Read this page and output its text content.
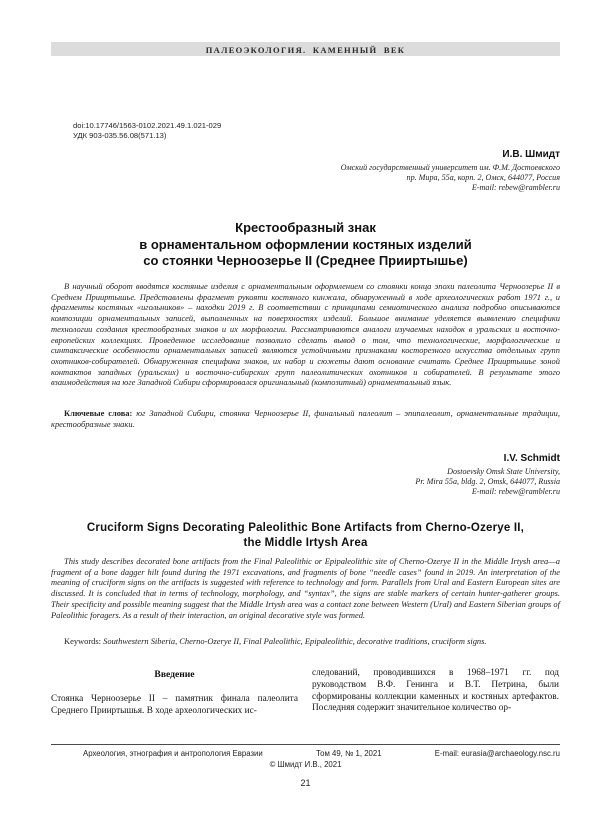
ПАЛЕОЭКОЛОГИЯ. КАМЕННЫЙ ВЕК
doi:10.17746/1563-0102.2021.49.1.021-029
УДК 903-035.56.08(571.13)
И.В. Шмидт
Омский государственный университет им. Ф.М. Достоевского
пр. Мира, 55а, корп. 2, Омск, 644077, Россия
E-mail: rebew@rambler.ru
Крестообразный знак
в орнаментальном оформлении костяных изделий
со стоянки Черноозерье II (Среднее Прииртышье)

В научный оборот вводятся костяные изделия с орнаментальным оформлением со стоянки конца эпохи палеолита Черноозерье II в Среднем Прииртышье. Представлены фрагмент рукояти костяного кинжала, обнаруженный в ходе археологических работ 1971 г., и фрагменты костяных «игольников» – находки 2019 г. В соответствии с принципами семиотического анализа подробно описываются композиции орнаментальных записей, выполненных на поверхностях изделий. Большое внимание уделяется выявлению специфики технологии создания крестообразных знаков и их морфологии. Рассматриваются аналоги изучаемых находок в уральских и восточно-европейских коллекциях. Проведенное исследование позволило сделать вывод о том, что технологические, морфологические и синтаксические особенности орнаментальных записей являются устойчивыми признаками косторезного искусства отдельных групп охотников-собирателей. Обнаруженная специфика знаков, их набор и сюжеты дают основание считать Среднее Прииртышье зоной контактов западных (уральских) и восточно-сибирских групп палеолитических охотников и собирателей. В результате этого взаимодействия на юге Западной Сибири сформировался оригинальный (композитный) орнаментальный язык.

Ключевые слова: юг Западной Сибири, стоянка Черноозерье II, финальный палеолит – эпипалеолит, орнаментальные традиции, крестообразные знаки.

I.V. Schmidt
Dostoevsky Omsk State University,
Pr. Mira 55a, bldg. 2, Omsk, 644077, Russia
E-mail: rebew@rambler.ru
Cruciform Signs Decorating Paleolithic Bone Artifacts from Cherno-Ozerye II,
the Middle Irtysh Area

This study describes decorated bone artifacts from the Final Paleolithic or Epipaleolithic site of Cherno-Ozerye II in the Middle Irtysh area—a fragment of a bone dagger hilt found during the 1971 excavations, and fragments of bone “needle cases” found in 2019. An interpretation of the meaning of cruciform signs on the artifacts is suggested with reference to technology and form. Parallels from Ural and Eastern European sites are discussed. It is concluded that in terms of technology, morphology, and “syntax”, the signs are stable markers of certain hunter-gatherer groups. Their specificity and possible meaning suggest that the Middle Irtysh area was a contact zone between Western (Ural) and Eastern Siberian groups of Paleolithic foragers. As a result of their interaction, an original decorative style was formed.

Keywords: Southwestern Siberia, Cherno-Ozerye II, Final Paleolithic, Epipaleolithic, decorative traditions, cruciform signs.

Введение

Стоянка Черноозерье II – памятник финала палеолита Среднего Прииртышья. В ходе археологических ис-

следований, проводившихся в 1968–1971 гг. под руководством В.Ф. Генинга и В.Т. Петрина, были сформированы коллекции каменных и костяных артефактов. Последняя содержит значительное количество ор-

Археология, этнография и антропология Евразии	Том 49, № 1, 2021	E-mail: eurasia@archaeology.nsc.ru
© Шмидт И.В., 2021
21
